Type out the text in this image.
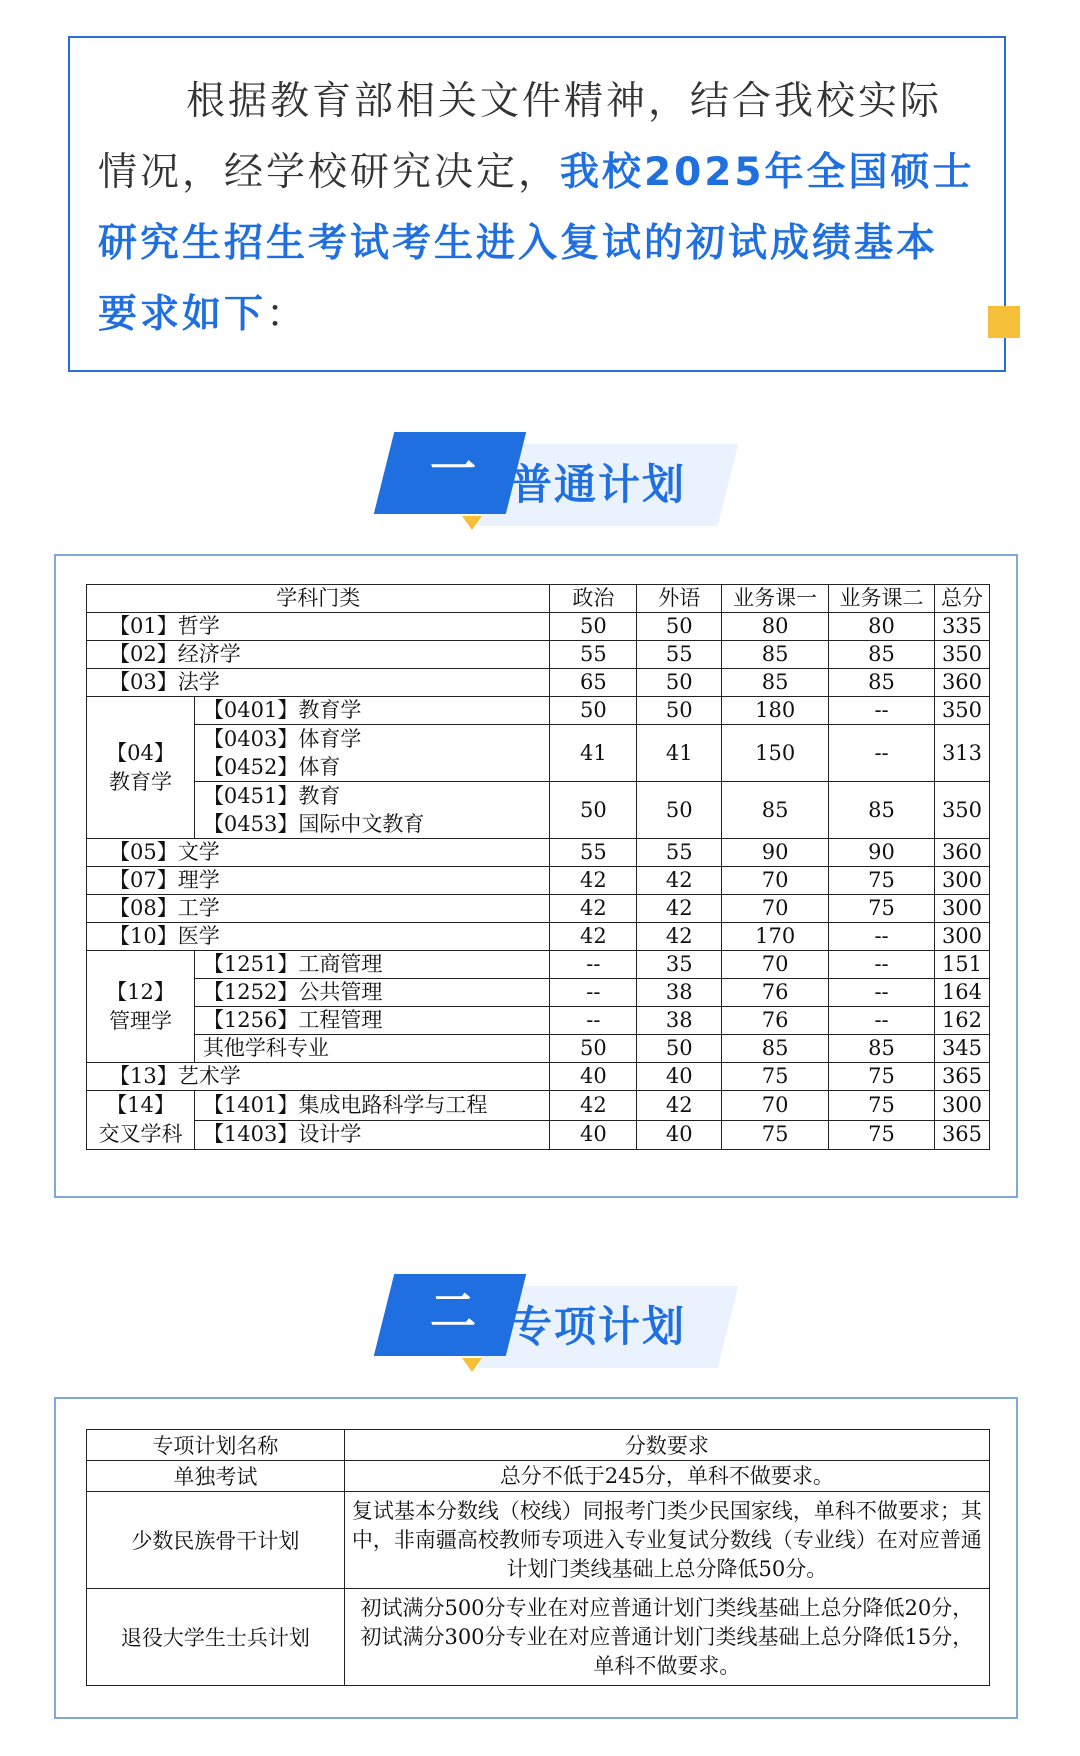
根据教育部相关文件精神，结合我校实际情况，经学校研究决定，我校2025年全国硕士研究生招生考试考生进入复试的初试成绩基本要求如下：
一 普通计划
学科门类		政治	外语	业务课一	业务课二	总分
【01】哲学		50	50	80	80	335
【02】经济学		55	55	85	85	350
【03】法学		65	50	85	85	360

【04】
教育学	【0401】教育学	50	50	180	--	350

	【0403】体育学
【0452】体育	41	41	150	--	313

	【0451】教育
【0453】国际中文教育	50	50	85	85	350
【05】文学		55	55	90	90	360
【07】理学		42	42	70	75	300
【08】工学		42	42	70	75	300
【10】医学		42	42	170	--	300

【12】
管理学	【1251】工商管理	--	35	70	--	151
	【1252】公共管理	--	38	76	--	164
	【1256】工程管理	--	38	76	--	162
	其他学科专业	50	50	85	85	345
【13】艺术学		40	40	75	75	365

【14】
交叉学科	【1401】集成电路科学与工程	42	42	70	75	300
	【1403】设计学	40	40	75	75	365
二 专项计划
专项计划名称	分数要求
单独考试	总分不低于245分，单科不做要求。
少数民族骨干计划	复试基本分数线（校线）同报考门类少民国家线，单科不做要求；其中，非南疆高校教师专项进入专业复试分数线（专业线）在对应普通计划门类线基础上总分降低50分。
退役大学生士兵计划	初试满分500分专业在对应普通计划门类线基础上总分降低20分，初试满分300分专业在对应普通计划门类线基础上总分降低15分，单科不做要求。
